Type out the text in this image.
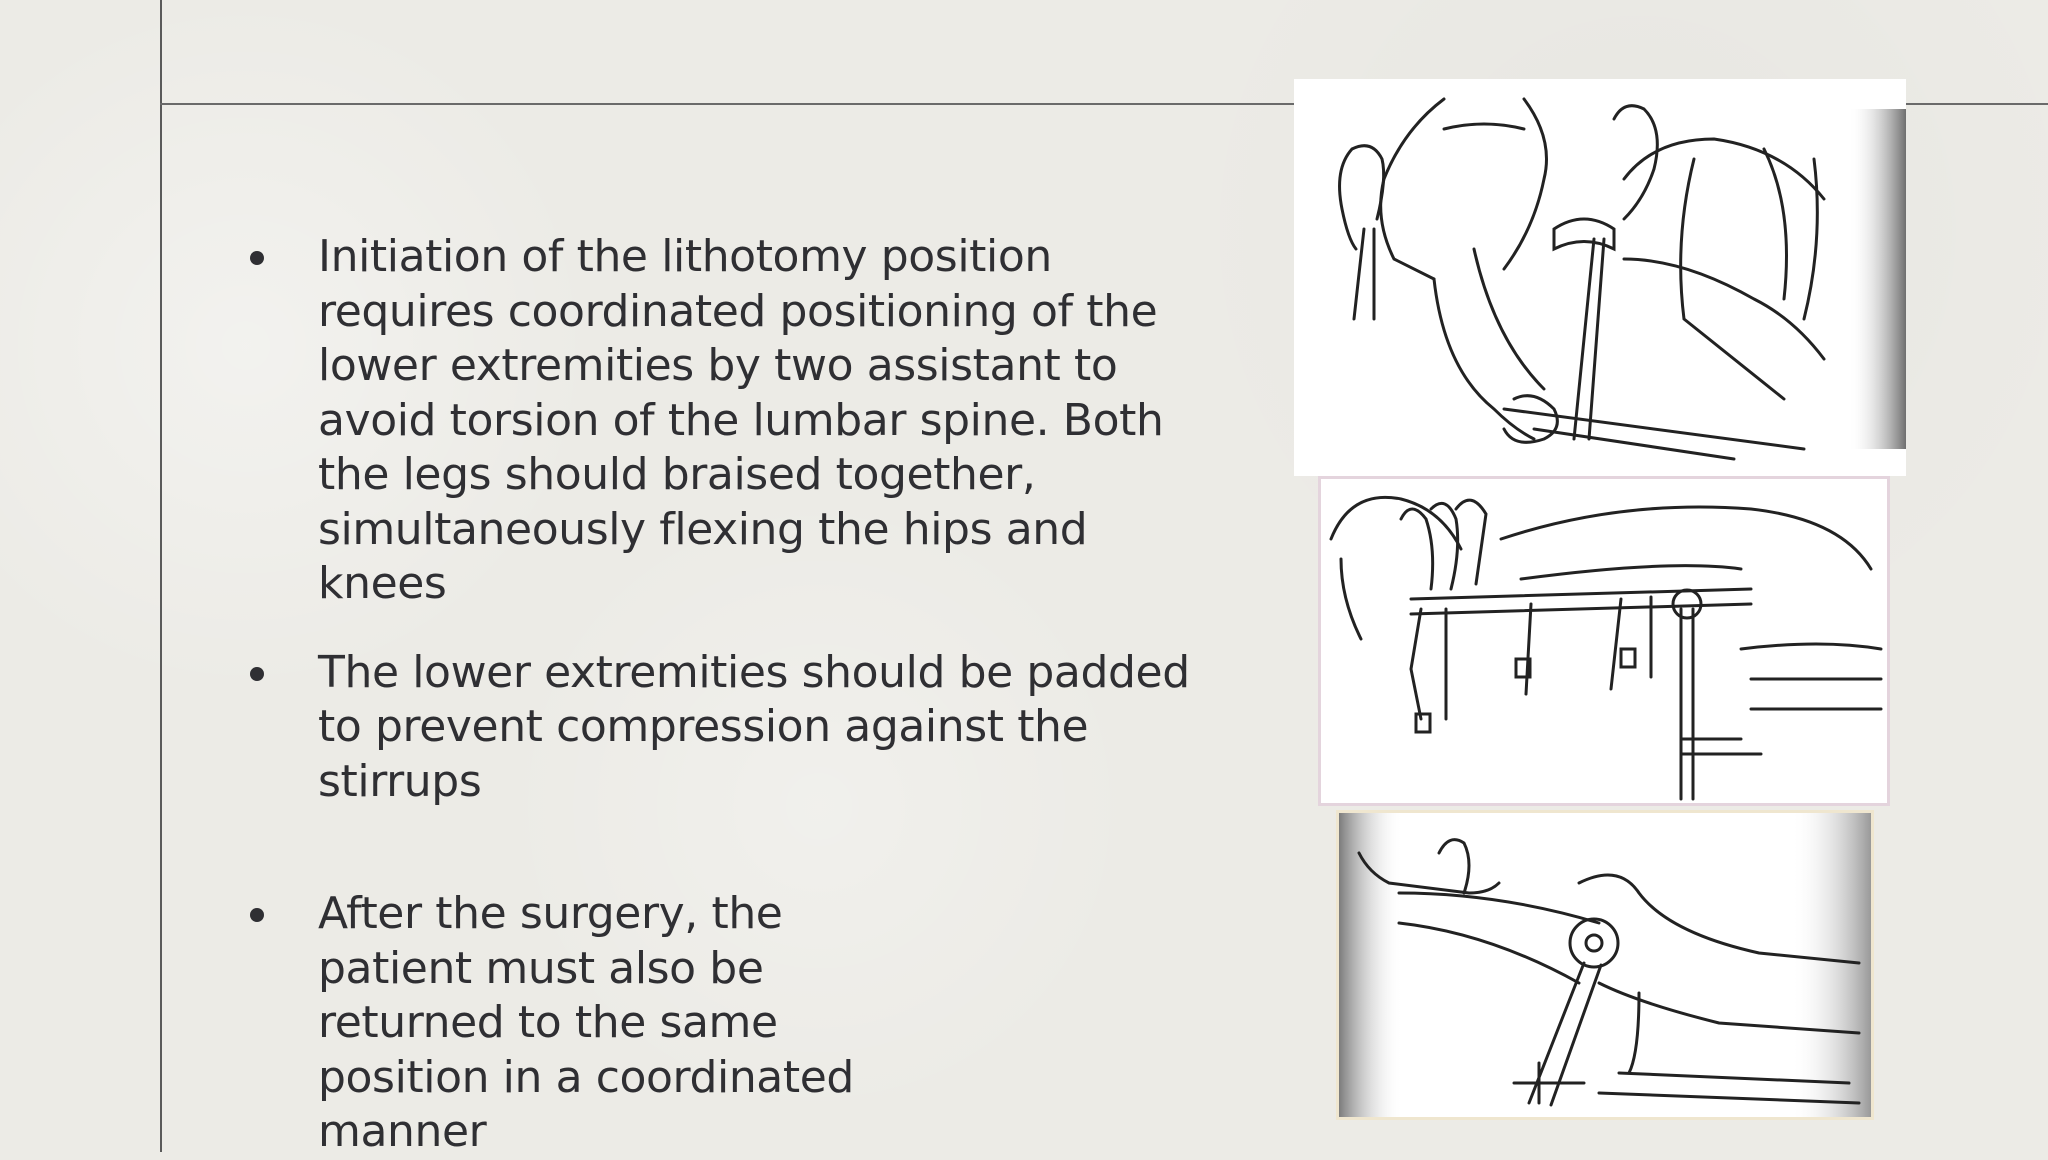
Initiation of the lithotomy position requires coordinated positioning of the lower extremities by two assistant to avoid torsion of the lumbar spine. Both the legs should braised together, simultaneously flexing the hips and knees
The lower extremities should be padded to prevent compression against the stirrups
After the surgery, the patient must also be returned to the same position in a coordinated manner
